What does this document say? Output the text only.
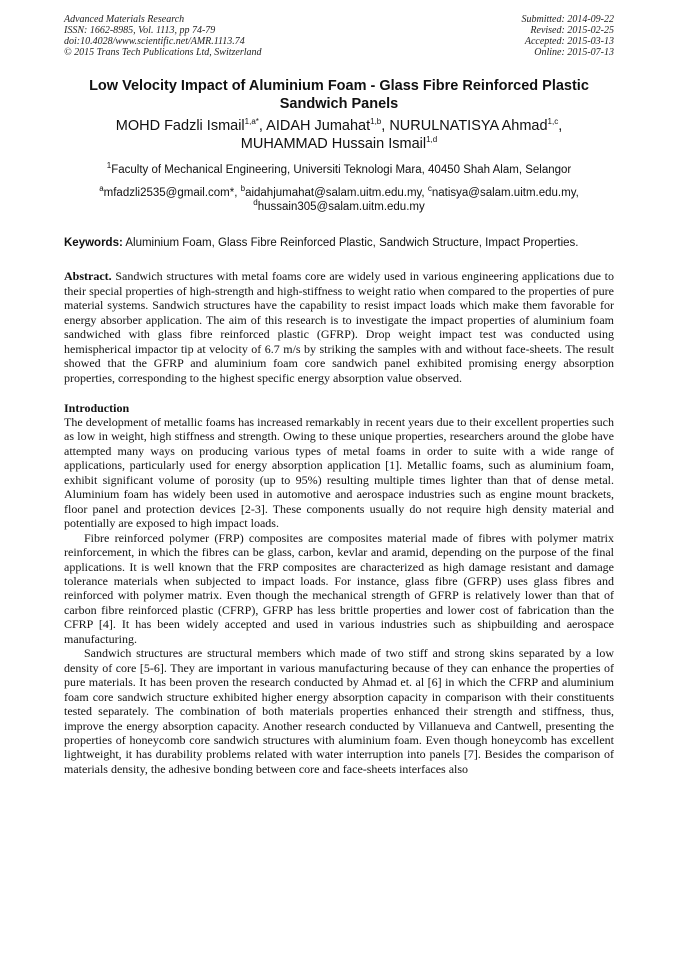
Advanced Materials Research
ISSN: 1662-8985, Vol. 1113, pp 74-79
doi:10.4028/www.scientific.net/AMR.1113.74
© 2015 Trans Tech Publications Ltd, Switzerland
Submitted: 2014-09-22
Revised: 2015-02-25
Accepted: 2015-03-13
Online: 2015-07-13
Low Velocity Impact of Aluminium Foam - Glass Fibre Reinforced Plastic Sandwich Panels
MOHD Fadzli Ismail$^{1,a*}$, AIDAH Jumahat$^{1,b}$, NURULNATISYA Ahmad$^{1,c}$,
MUHAMMAD Hussain Ismail$^{1,d}$
$^1$Faculty of Mechanical Engineering, Universiti Teknologi Mara, 40450 Shah Alam, Selangor
$^a$mfadzli2535@gmail.com*, $^b$aidahjumahat@salam.uitm.edu.my, $^c$natisya@salam.uitm.edu.my,
$^d$hussain305@salam.uitm.edu.my
Keywords: Aluminium Foam, Glass Fibre Reinforced Plastic, Sandwich Structure, Impact Properties.
Abstract. Sandwich structures with metal foams core are widely used in various engineering applications due to their special properties of high-strength and high-stiffness to weight ratio when compared to the properties of pure material systems. Sandwich structures have the capability to resist impact loads which make them favorable for energy absorber application. The aim of this research is to investigate the impact properties of aluminium foam sandwiched with glass fibre reinforced plastic (GFRP). Drop weight impact test was conducted using hemispherical impactor tip at velocity of 6.7 m/s by striking the samples with and without face-sheets. The result showed that the GFRP and aluminium foam core sandwich panel exhibited promising energy absorption properties, corresponding to the highest specific energy absorption value observed.
Introduction

The development of metallic foams has increased remarkably in recent years due to their excellent properties such as low in weight, high stiffness and strength. Owing to these unique properties, researchers around the globe have attempted many ways on producing various types of metal foams in order to suite with a wide range of applications, particularly used for energy absorption application [1]. Metallic foams, such as aluminium foam, exhibit significant volume of porosity (up to 95%) resulting multiple times lighter than that of dense metal. Aluminium foam has widely been used in automotive and aerospace industries such as engine mount brackets, floor panel and protection devices [2-3]. These components usually do not require high density material and potentially are exposed to high impact loads.

Fibre reinforced polymer (FRP) composites are composites material made of fibres with polymer matrix reinforcement, in which the fibres can be glass, carbon, kevlar and aramid, depending on the purpose of the final applications. It is well known that the FRP composites are characterized as high damage resistant and damage tolerance materials when subjected to impact loads. For instance, glass fibre (GFRP) uses glass fibres and reinforced with polymer matrix. Even though the mechanical strength of GFRP is relatively lower than that of carbon fibre reinforced plastic (CFRP), GFRP has less brittle properties and lower cost of fabrication than the CFRP [4]. It has been widely accepted and used in various industries such as shipbuilding and aerospace manufacturing.

Sandwich structures are structural members which made of two stiff and strong skins separated by a low density of core [5-6]. They are important in various manufacturing because of they can enhance the properties of pure materials. It has been proven the research conducted by Ahmad et. al [6] in which the CFRP and aluminium foam core sandwich structure exhibited higher energy absorption capacity in comparison with their constituents tested separately. The combination of both materials properties enhanced their strength and stiffness, thus, improve the energy absorption capacity. Another research conducted by Villanueva and Cantwell, presenting the properties of honeycomb core sandwich structures with aluminium foam. Even though honeycomb has excellent lightweight, it has durability problems related with water interruption into panels [7]. Besides the comparison of materials density, the adhesive bonding between core and face-sheets interfaces also
